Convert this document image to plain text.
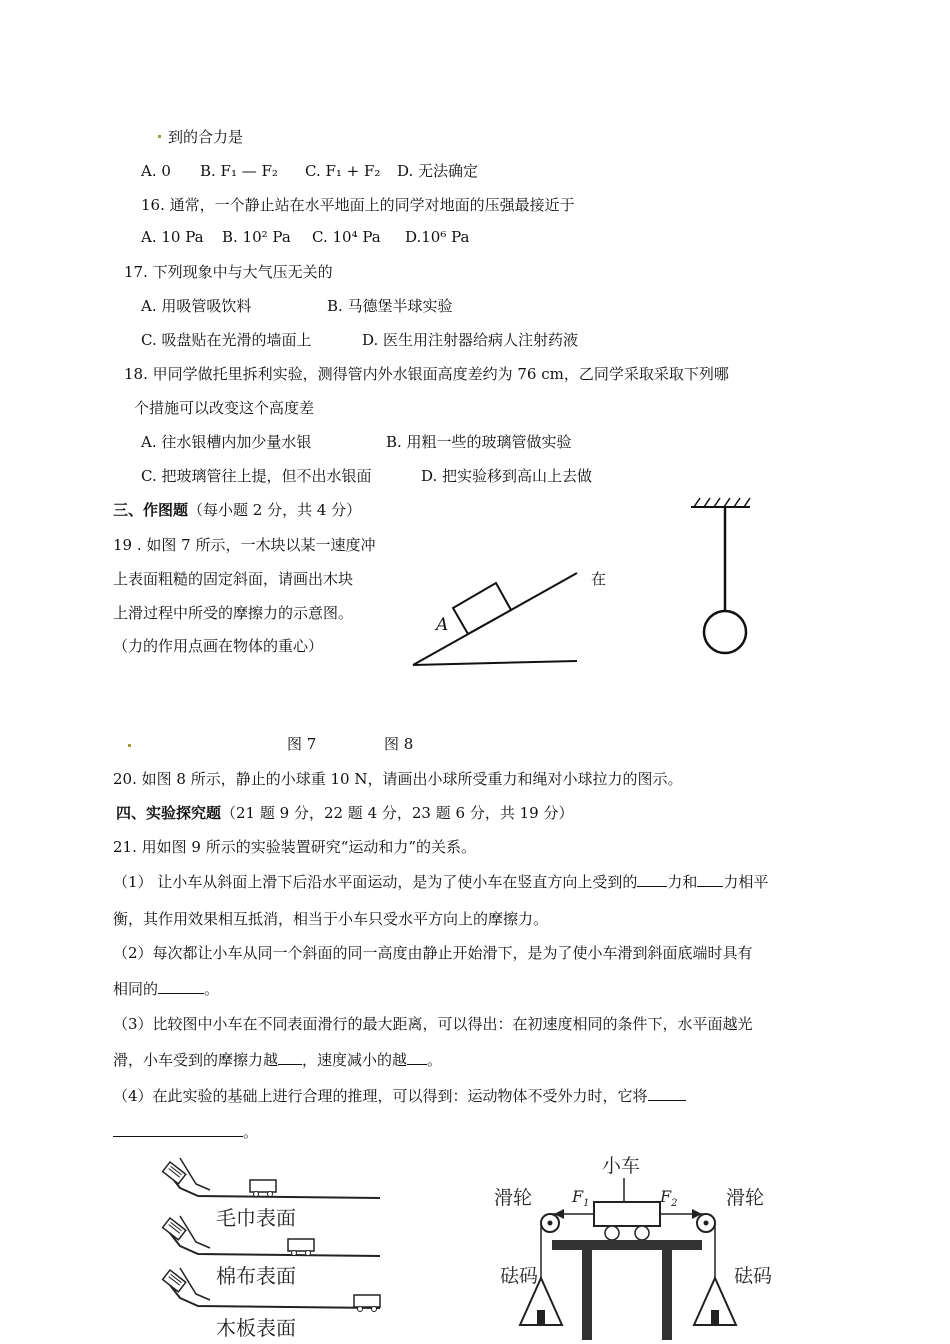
到的合力是
A. 0 B. F₁ — F₂ C. F₁ + F₂ D. 无法确定
16. 通常，一个静止站在水平地面上的同学对地面的压强最接近于
A. 10 Pa B. 10² Pa C. 10⁴ Pa D.10⁶ Pa
17. 下列现象中与大气压无关的
A. 用吸管吸饮料	B. 马德堡半球实验
C. 吸盘贴在光滑的墙面上	D. 医生用注射器给病人注射药液
18. 甲同学做托里拆利实验，测得管内外水银面高度差约为 76 cm，乙同学采取采取下列哪
个措施可以改变这个高度差
A. 往水银槽内加少量水银	B. 用粗一些的玻璃管做实验
C. 把玻璃管往上提，但不出水银面	D. 把实验移到高山上去做
三、作图题（每小题 2 分，共 4 分）
19 . 如图 7 所示，一木块以某一速度冲
上表面粗糙的固定斜面，请画出木块
上滑过程中所受的摩擦力的示意图。
（力的作用点画在物体的重心）
在
A
图 7	图 8
20. 如图 8 所示，静止的小球重 10 N，请画出小球所受重力和绳对小球拉力的图示。
四、实验探究题（21 题 9 分，22 题 4 分，23 题 6 分，共 19 分）
21. 用如图 9 所示的实验装置研究“运动和力”的关系。
（1） 让小车从斜面上滑下后沿水平面运动，是为了使小车在竖直方向上受到的 力和 力相平
衡，其作用效果相互抵消，相当于小车只受水平方向上的摩擦力。
（2）每次都让小车从同一个斜面的同一高度由静止开始滑下，是为了使小车滑到斜面底端时具有
相同的	。
（3）比较图中小车在不同表面滑行的最大距离，可以得出：在初速度相同的条件下，水平面越光
滑，小车受到的摩擦力越 ，速度减小的越 。
（4）在此实验的基础上进行合理的推理，可以得到：运动物体不受外力时，它将
。
毛巾表面
棉布表面
木板表面
小车
滑轮	滑轮
$F_1$	$F_2$
砝码	砝码
